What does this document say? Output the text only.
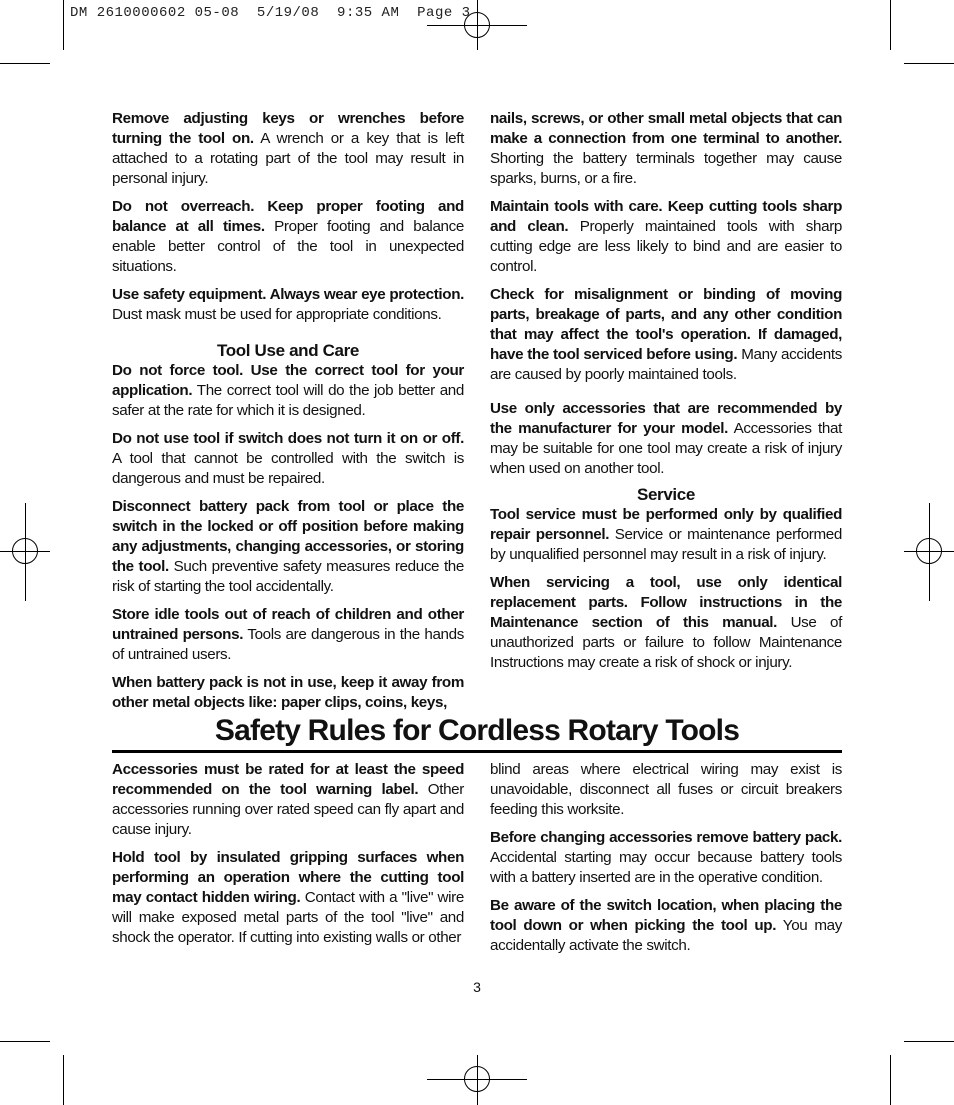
DM 2610000602 05-08  5/19/08  9:35 AM  Page 3

Remove adjusting keys or wrenches before turning the tool on. A wrench or a key that is left attached to a rotating part of the tool may result in personal injury.

Do not overreach. Keep proper footing and balance at all times. Proper footing and balance enable better control of the tool in unexpected situations.

Use safety equipment. Always wear eye protection. Dust mask must be used for appropriate conditions.

Tool Use and Care

Do not force tool. Use the correct tool for your application. The correct tool will do the job better and safer at the rate for which it is designed.

Do not use tool if switch does not turn it on or off. A tool that cannot be controlled with the switch is dangerous and must be repaired.

Disconnect battery pack from tool or place the switch in the locked or off position before making any adjustments, changing accessories, or storing the tool. Such preventive safety measures reduce the risk of starting the tool accidentally.

Store idle tools out of reach of children and other untrained persons. Tools are dangerous in the hands of untrained users.

When battery pack is not in use, keep it away from other metal objects like: paper clips, coins, keys,

nails, screws, or other small metal objects that can make a connection from one terminal to another. Shorting the battery terminals together may cause sparks, burns, or a fire.

Maintain tools with care. Keep cutting tools sharp and clean. Properly maintained tools with sharp cutting edge are less likely to bind and are easier to control.

Check for misalignment or binding of moving parts, breakage of parts, and any other condition that may affect the tool's operation. If damaged, have the tool serviced before using. Many accidents are caused by poorly maintained tools.

Use only accessories that are recommended by the manufacturer for your model. Accessories that may be suitable for one tool may create a risk of injury when used on another tool.

Service

Tool service must be performed only by qualified repair personnel. Service or maintenance performed by unqualified personnel may result in a risk of injury.

When servicing a tool, use only identical replacement parts. Follow instructions in the Maintenance section of this manual. Use of unauthorized parts or failure to follow Maintenance Instructions may create a risk of shock or injury.

Safety Rules for Cordless Rotary Tools

Accessories must be rated for at least the speed recommended on the tool warning label. Other accessories running over rated speed can fly apart and cause injury.

Hold tool by insulated gripping surfaces when performing an operation where the cutting tool may contact hidden wiring. Contact with a "live" wire will make exposed metal parts of the tool "live" and shock the operator. If cutting into existing walls or other

blind areas where electrical wiring may exist is unavoidable, disconnect all fuses or circuit breakers feeding this worksite.

Before changing accessories remove battery pack. Accidental starting may occur because battery tools with a battery inserted are in the operative condition.

Be aware of the switch location, when placing the tool down or when picking the tool up. You may accidentally activate the switch.

3
